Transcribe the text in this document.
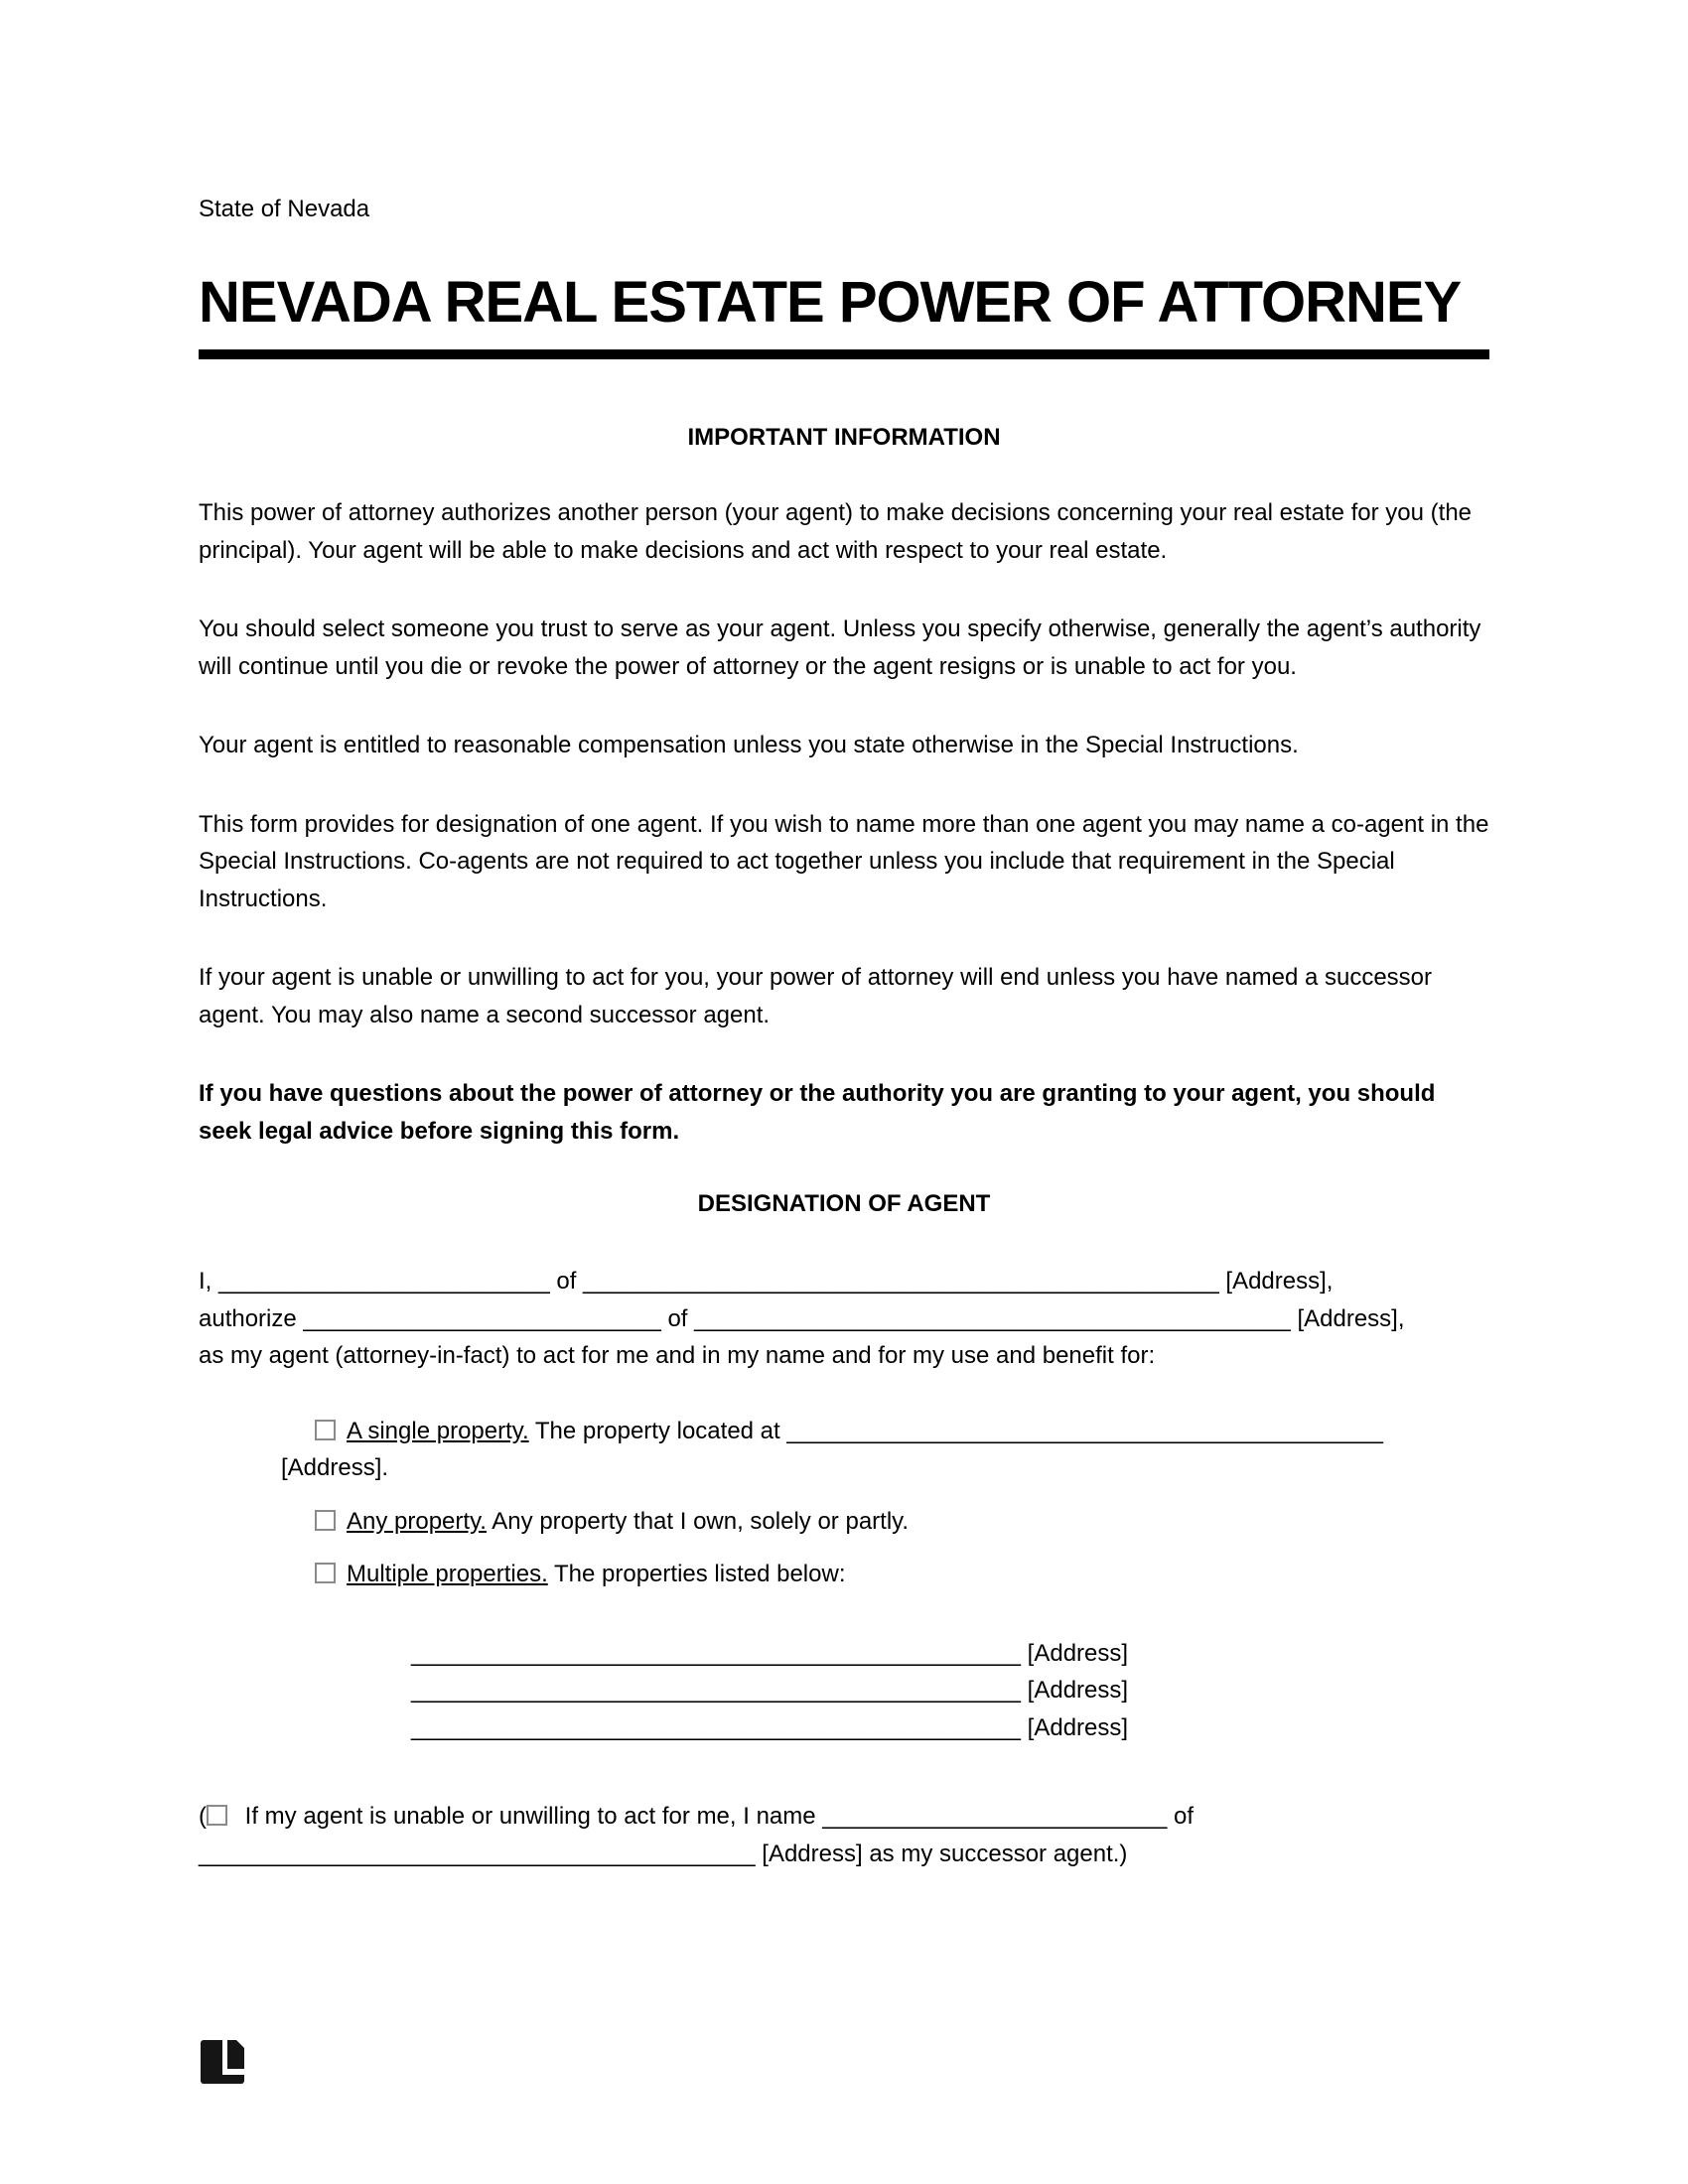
State of Nevada
NEVADA REAL ESTATE POWER OF ATTORNEY
IMPORTANT INFORMATION

This power of attorney authorizes another person (your agent) to make decisions concerning your real estate for you (the principal). Your agent will be able to make decisions and act with respect to your real estate.

You should select someone you trust to serve as your agent. Unless you specify otherwise, generally the agent’s authority will continue until you die or revoke the power of attorney or the agent resigns or is unable to act for you.

Your agent is entitled to reasonable compensation unless you state otherwise in the Special Instructions.

This form provides for designation of one agent. If you wish to name more than one agent you may name a co-agent in the Special Instructions. Co-agents are not required to act together unless you include that requirement in the Special Instructions.

If your agent is unable or unwilling to act for you, your power of attorney will end unless you have named a successor agent. You may also name a second successor agent.

If you have questions about the power of attorney or the authority you are granting to your agent, you should seek legal advice before signing this form.

DESIGNATION OF AGENT
I, _________________________ of ________________________________________________ [Address],
authorize ___________________________ of _____________________________________________ [Address],
as my agent (attorney-in-fact) to act for me and in my name and for my use and benefit for:
A single property. The property located at _____________________________________________ [Address].
Any property. Any property that I own, solely or partly.
Multiple properties. The properties listed below:
______________________________________________ [Address]
______________________________________________ [Address]
______________________________________________ [Address]
( If my agent is unable or unwilling to act for me, I name __________________________ of __________________________________________ [Address] as my successor agent.)
